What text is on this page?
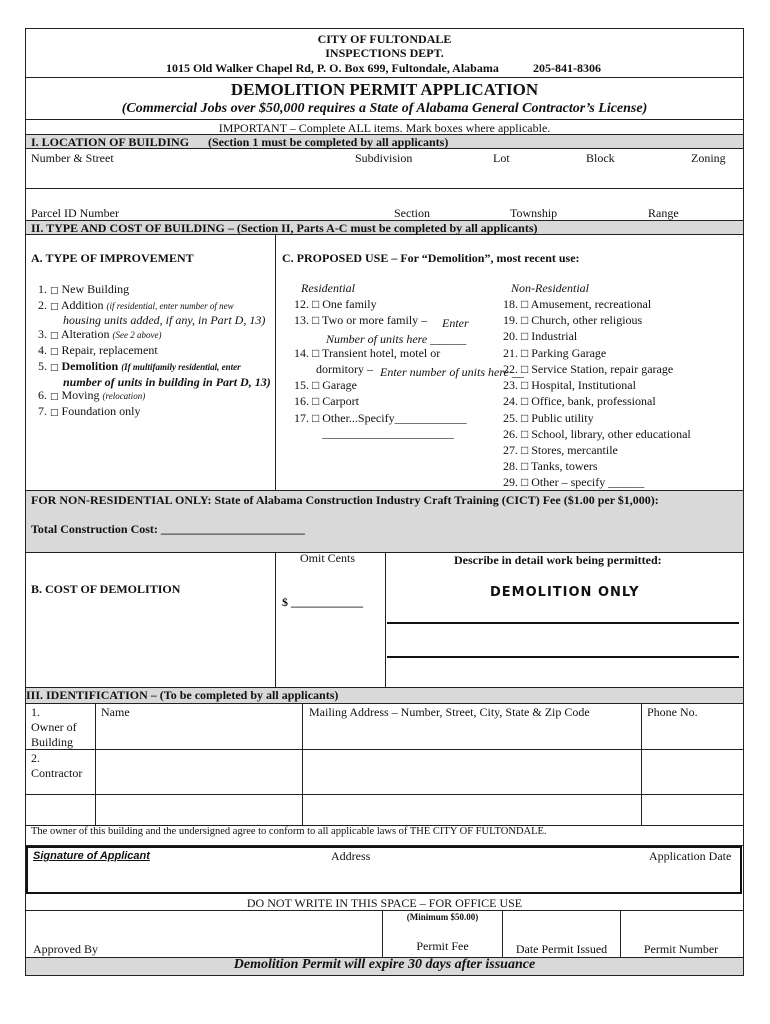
CITY OF FULTONDALE
INSPECTIONS DEPT.
1015 Old Walker Chapel Rd, P. O. Box 699, Fultondale, Alabama	205-841-8306
DEMOLITION PERMIT APPLICATION
(Commercial Jobs over $50,000 requires a State of Alabama General Contractor’s License)
IMPORTANT – Complete ALL items. Mark boxes where applicable.
I. LOCATION OF BUILDING (Section 1 must be completed by all applicants)
Number & Street	Subdivision	Lot	Block	Zoning
Parcel ID Number	Section	Township	Range
II. TYPE AND COST OF BUILDING – (Section II, Parts A-C must be completed by all applicants)
A. TYPE OF IMPROVEMENT	C. PROPOSED USE – For “Demolition”, most recent use:
1. □ New Building
2. □ Addition (if residential, enter number of new
housing units added, if any, in Part D, 13)
3. □ Alteration (See 2 above)
4. □ Repair, replacement
5. □ Demolition (If multifamily residential, enter
number of units in building in Part D, 13)
6. □ Moving (relocation)
7. □ Foundation only
Residential
12. □ One family
13. □ Two or more family – Enter
Number of units here ______
14. □ Transient hotel, motel or
dormitory – Enter number of units here __
15. □ Garage
16. □ Carport
17. □ Other...Specify____________
______________________
Non-Residential
18. □ Amusement, recreational
19. □ Church, other religious
20. □ Industrial
21. □ Parking Garage
22. □ Service Station, repair garage
23. □ Hospital, Institutional
24. □ Office, bank, professional
25. □ Public utility
26. □ School, library, other educational
27. □ Stores, mercantile
28. □ Tanks, towers
29. □ Other – specify ______
FOR NON-RESIDENTIAL ONLY: State of Alabama Construction Industry Craft Training (CICT) Fee ($1.00 per $1,000):
Total Construction Cost: ________________________
Omit Cents	Describe in detail work being permitted:
B. COST OF DEMOLITION
$ ____________
DEMOLITION ONLY
III. IDENTIFICATION – (To be completed by all applicants)
Name	Mailing Address – Number, Street, City, State & Zip Code	Phone No.
1.
Owner of
Building
2.
Contractor
The owner of this building and the undersigned agree to conform to all applicable laws of THE CITY OF FULTONDALE.
Signature of Applicant	Address	Application Date
DO NOT WRITE IN THIS SPACE – FOR OFFICE USE
(Minimum $50.00)
Approved By	Permit Fee	Date Permit Issued	Permit Number
Demolition Permit will expire 30 days after issuance
